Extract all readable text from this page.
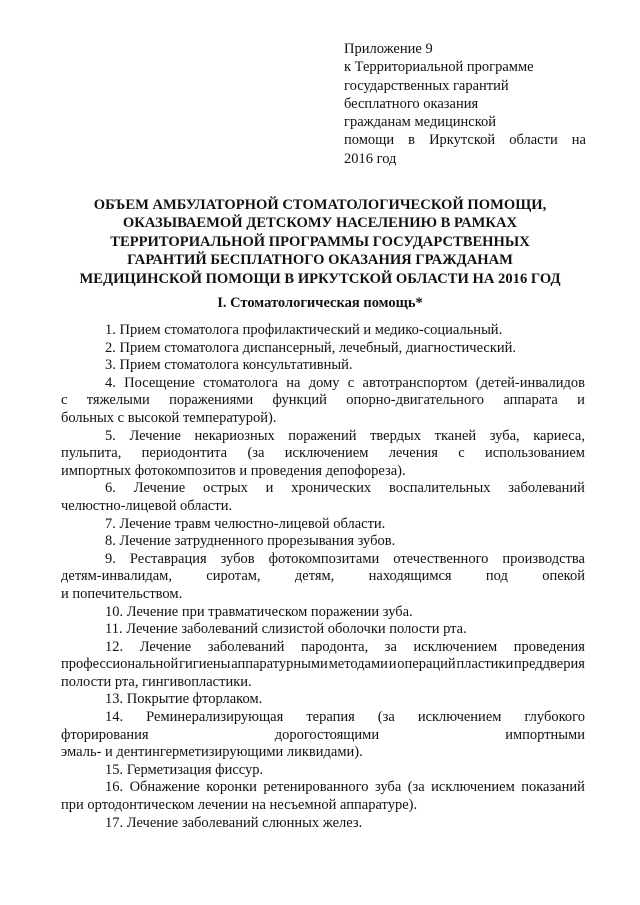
Приложение 9
к Территориальной программе
государственных гарантий
бесплатного оказания
гражданам медицинской
помощи в Иркутской области на
2016 год
ОБЪЕМ АМБУЛАТОРНОЙ СТОМАТОЛОГИЧЕСКОЙ ПОМОЩИ,
ОКАЗЫВАЕМОЙ ДЕТСКОМУ НАСЕЛЕНИЮ В РАМКАХ
ТЕРРИТОРИАЛЬНОЙ ПРОГРАММЫ ГОСУДАРСТВЕННЫХ
ГАРАНТИЙ БЕСПЛАТНОГО ОКАЗАНИЯ ГРАЖДАНАМ
МЕДИЦИНСКОЙ ПОМОЩИ В ИРКУТСКОЙ ОБЛАСТИ НА 2016 ГОД
I. Стоматологическая помощь*
1. Прием стоматолога профилактический и медико-социальный.
2. Прием стоматолога диспансерный, лечебный, диагностический.
3. Прием стоматолога консультативный.
4. Посещение стоматолога на дому с автотранспортом (детей-инвалидов
с тяжелыми поражениями функций опорно-двигательного аппарата и
больных с высокой температурой).
5. Лечение некариозных поражений твердых тканей зуба, кариеса,
пульпита, периодонтита (за исключением лечения с использованием
импортных фотокомпозитов и проведения депофореза).
6. Лечение острых и хронических воспалительных заболеваний
челюстно-лицевой области.
7. Лечение травм челюстно-лицевой области.
8. Лечение затрудненного прорезывания зубов.
9. Реставрация зубов фотокомпозитами отечественного производства
детям-инвалидам, сиротам, детям, находящимся под опекой
и попечительством.
10. Лечение при травматическом поражении зуба.
11. Лечение заболеваний слизистой оболочки полости рта.
12. Лечение заболеваний пародонта, за исключением проведения
профессиональной гигиены аппаратурными методами и операций пластики преддверия
полости рта, гингивопластики.
13. Покрытие фторлаком.
14. Реминерализирующая терапия (за исключением глубокого
фторирования	дорогостоящими	импортными
эмаль- и дентингерметизирующими ликвидами).
15. Герметизация фиссур.
16. Обнажение коронки ретенированного зуба (за исключением показаний
при ортодонтическом лечении на несъемной аппаратуре).
17. Лечение заболеваний слюнных желез.
